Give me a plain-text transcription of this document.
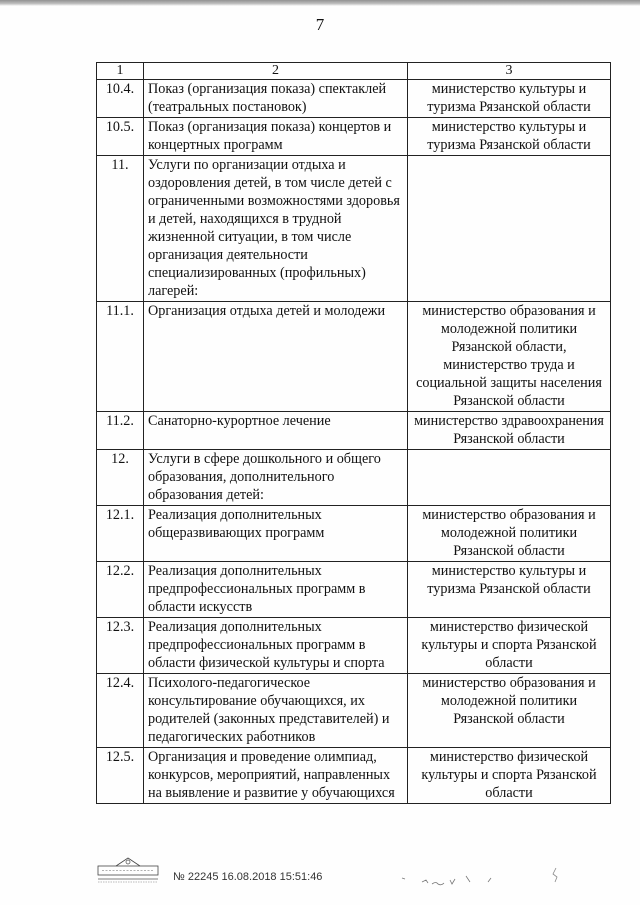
7
1	2	3
10.4.	Показ (организация показа) спектаклей (театральных постановок)	министерство культуры и туризма Рязанской области
10.5.	Показ (организация показа) концертов и концертных программ	министерство культуры и туризма Рязанской области
11.	Услуги по организации отдыха и оздоровления детей, в том числе детей с ограниченными возможностями здоровья и детей, находящихся в трудной жизненной ситуации, в том числе организация деятельности специализированных (профильных) лагерей:	
11.1.	Организация отдыха детей и молодежи	министерство образования и молодежной политики Рязанской области, министерство труда и социальной защиты населения Рязанской области
11.2.	Санаторно-курортное лечение	министерство здравоохранения Рязанской области
12.	Услуги в сфере дошкольного и общего образования, дополнительного образования детей:	
12.1.	Реализация дополнительных общеразвивающих программ	министерство образования и молодежной политики Рязанской области
12.2.	Реализация дополнительных предпрофессиональных программ в области искусств	министерство культуры и туризма Рязанской области
12.3.	Реализация дополнительных предпрофессиональных программ в области физической культуры и спорта	министерство физической культуры и спорта Рязанской области
12.4.	Психолого-педагогическое консультирование обучающихся, их родителей (законных представителей) и педагогических работников	министерство образования и молодежной политики Рязанской области
12.5.	Организация и проведение олимпиад, конкурсов, мероприятий, направленных на выявление и развитие у обучающихся	министерство физической культуры и спорта Рязанской области
№ 22245 16.08.2018 15:51:46
